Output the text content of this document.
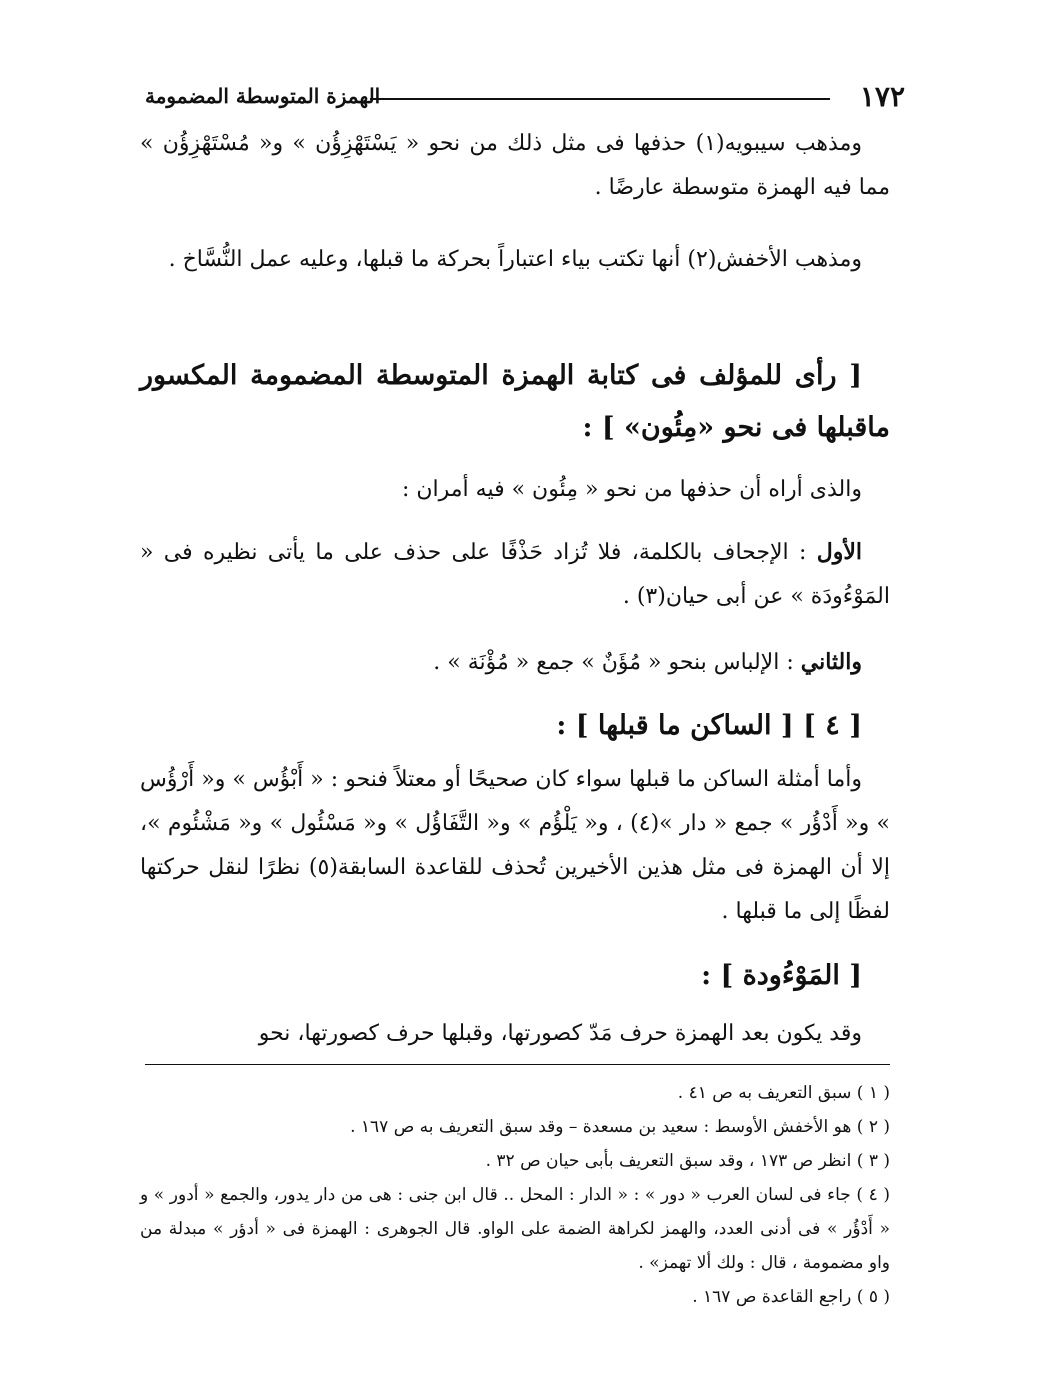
١٧٢
الهمزة المتوسطة المضمومة

ومذهب سيبويه(١) حذفها فى مثل ذلك من نحو « يَسْتَهْزِؤُن » و« مُسْتَهْزِؤُن » مما فيه الهمزة متوسطة عارضًا .

ومذهب الأخفش(٢) أنها تكتب بياء اعتباراً بحركة ما قبلها، وعليه عمل النُّسَّاخ .

[ رأى للمؤلف فى كتابة الهمزة المتوسطة المضمومة المكسور ماقبلها فى نحو «مِئُون» ] :

والذى أراه أن حذفها من نحو « مِئُون » فيه أمران :

الأول : الإجحاف بالكلمة، فلا تُزاد حَذْفًا على حذف على ما يأتى نظيره فى « المَوْءُودَة » عن أبى حيان(٣) .

والثاني : الإلباس بنحو « مُؤَنٌ » جمع « مُؤْنَة » .

[ ٤ ] [ الساكن ما قبلها ] :

وأما أمثلة الساكن ما قبلها سواء كان صحيحًا أو معتلاً فنحو : « أَبْؤُس » و« أَرْؤُس » و« أَدْؤُر » جمع « دار »(٤) ، و« يَلْؤُم » و« التَّفَاؤُل » و« مَسْئُول » و« مَشْئُوم »، إلا أن الهمزة فى مثل هذين الأخيرين تُحذف للقاعدة السابقة(٥) نظرًا لنقل حركتها لفظًا إلى ما قبلها .

[ المَوْءُودة ] :

وقد يكون بعد الهمزة حرف مَدّ كصورتها، وقبلها حرف كصورتها، نحو

( ١ ) سبق التعريف به ص ٤١ .
( ٢ ) هو الأخفش الأوسط : سعيد بن مسعدة – وقد سبق التعريف به ص ١٦٧ .
( ٣ ) انظر ص ١٧٣ ، وقد سبق التعريف بأبى حيان ص ٣٢ .
( ٤ ) جاء فى لسان العرب « دور » : « الدار : المحل .. قال ابن جنى : هى من دار يدور، والجمع « أدور » و « أَدْؤُر » فى أدنى العدد، والهمز لكراهة الضمة على الواو. قال الجوهرى : الهمزة فى « أدؤر » مبدلة من واو مضمومة ، قال : ولك ألا تهمز» .
( ٥ ) راجع القاعدة ص ١٦٧ .
